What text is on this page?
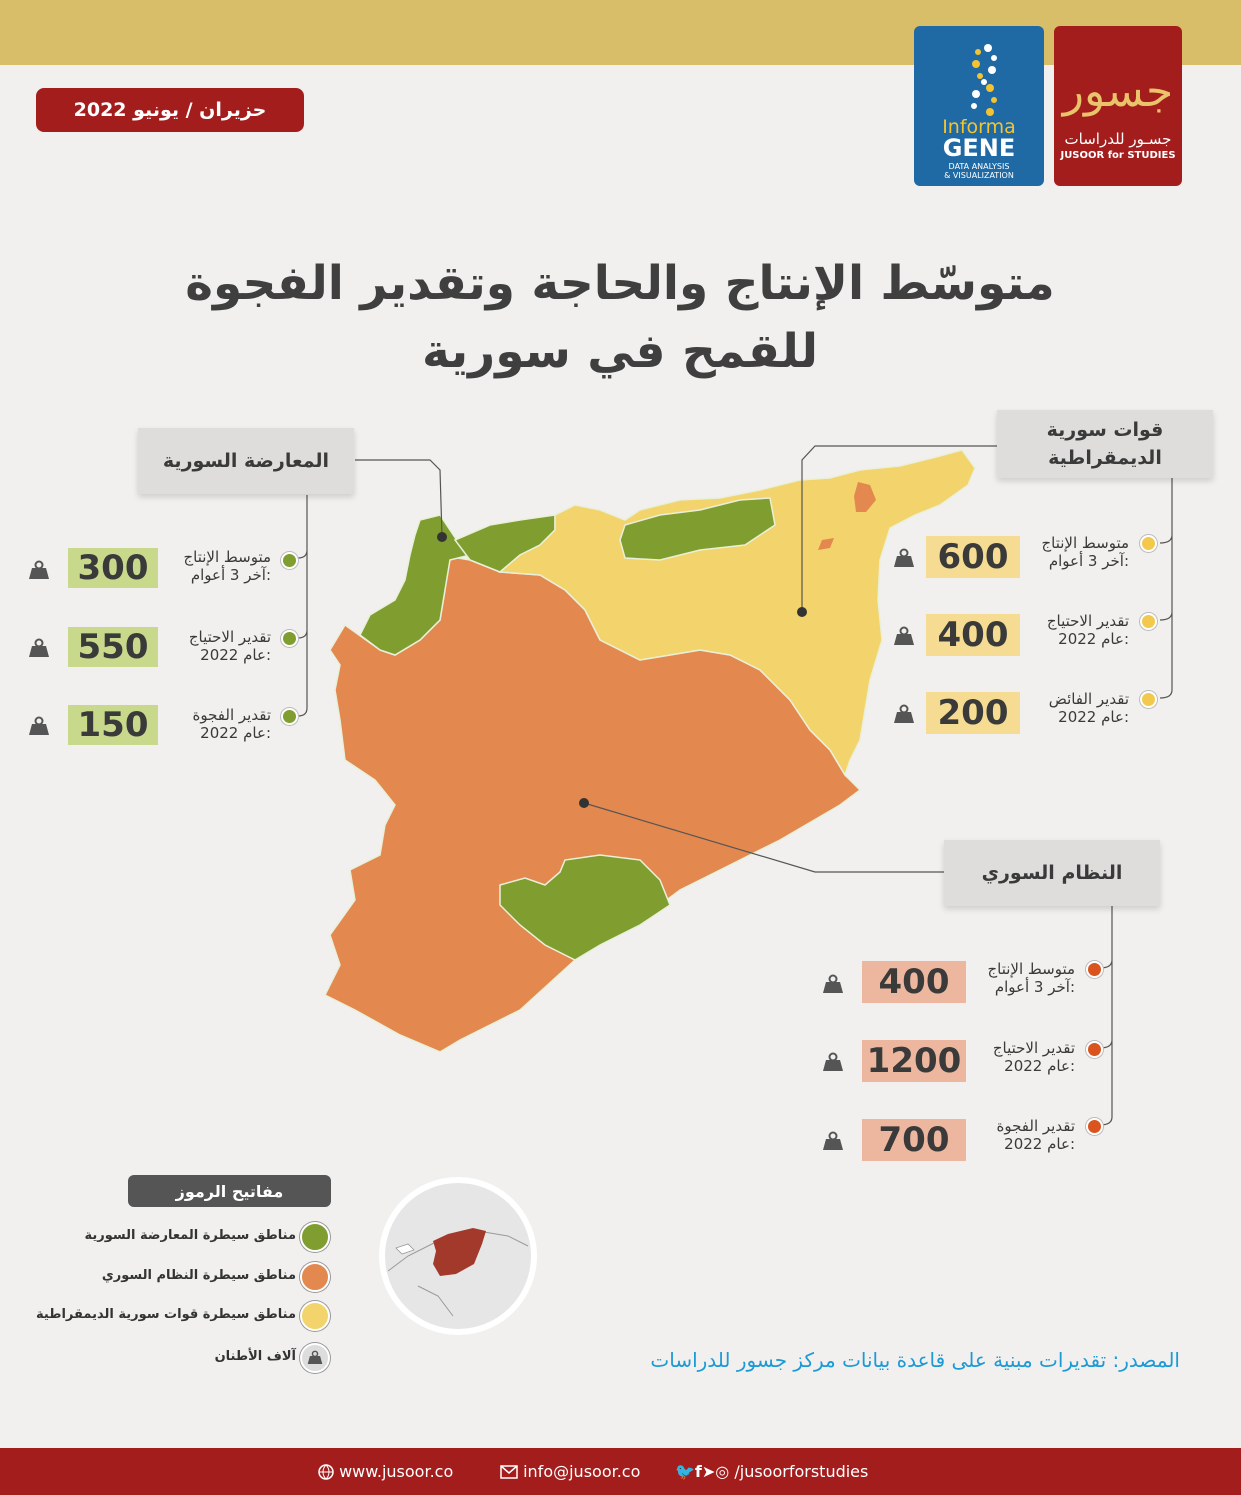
حزيران / يونيو 2022
Informa
GENE
DATA ANALYSIS
& VISUALIZATION
جسور
جسـور للدراسات
JUSOOR for STUDIES
متوسّط الإنتاج والحاجة وتقدير الفجوة
للقمح في سورية
المعارضة السورية
قوات سورية
الديمقراطية
النظام السوري
متوسط الإنتاج
آخر 3 أعوام:
300
تقدير الاحتياج
عام 2022:
550
تقدير الفجوة
عام 2022:
150
متوسط الإنتاج
آخر 3 أعوام:
600
تقدير الاحتياج
عام 2022:
400
تقدير الفائض
عام 2022:
200
متوسط الإنتاج
آخر 3 أعوام:
400
تقدير الاحتياج
عام 2022:
1200
تقدير الفجوة
عام 2022:
700
مفاتيح الرموز
مناطق سيطرة المعارضة السورية
مناطق سيطرة النظام السوري
مناطق سيطرة قوات سورية الديمقراطية
آلاف الأطنان	المصدر: تقديرات مبنية على قاعدة بيانات مركز جسور للدراسات
www.jusoor.co	info@jusoor.co 🐦f➤◎ /jusoorforstudies
